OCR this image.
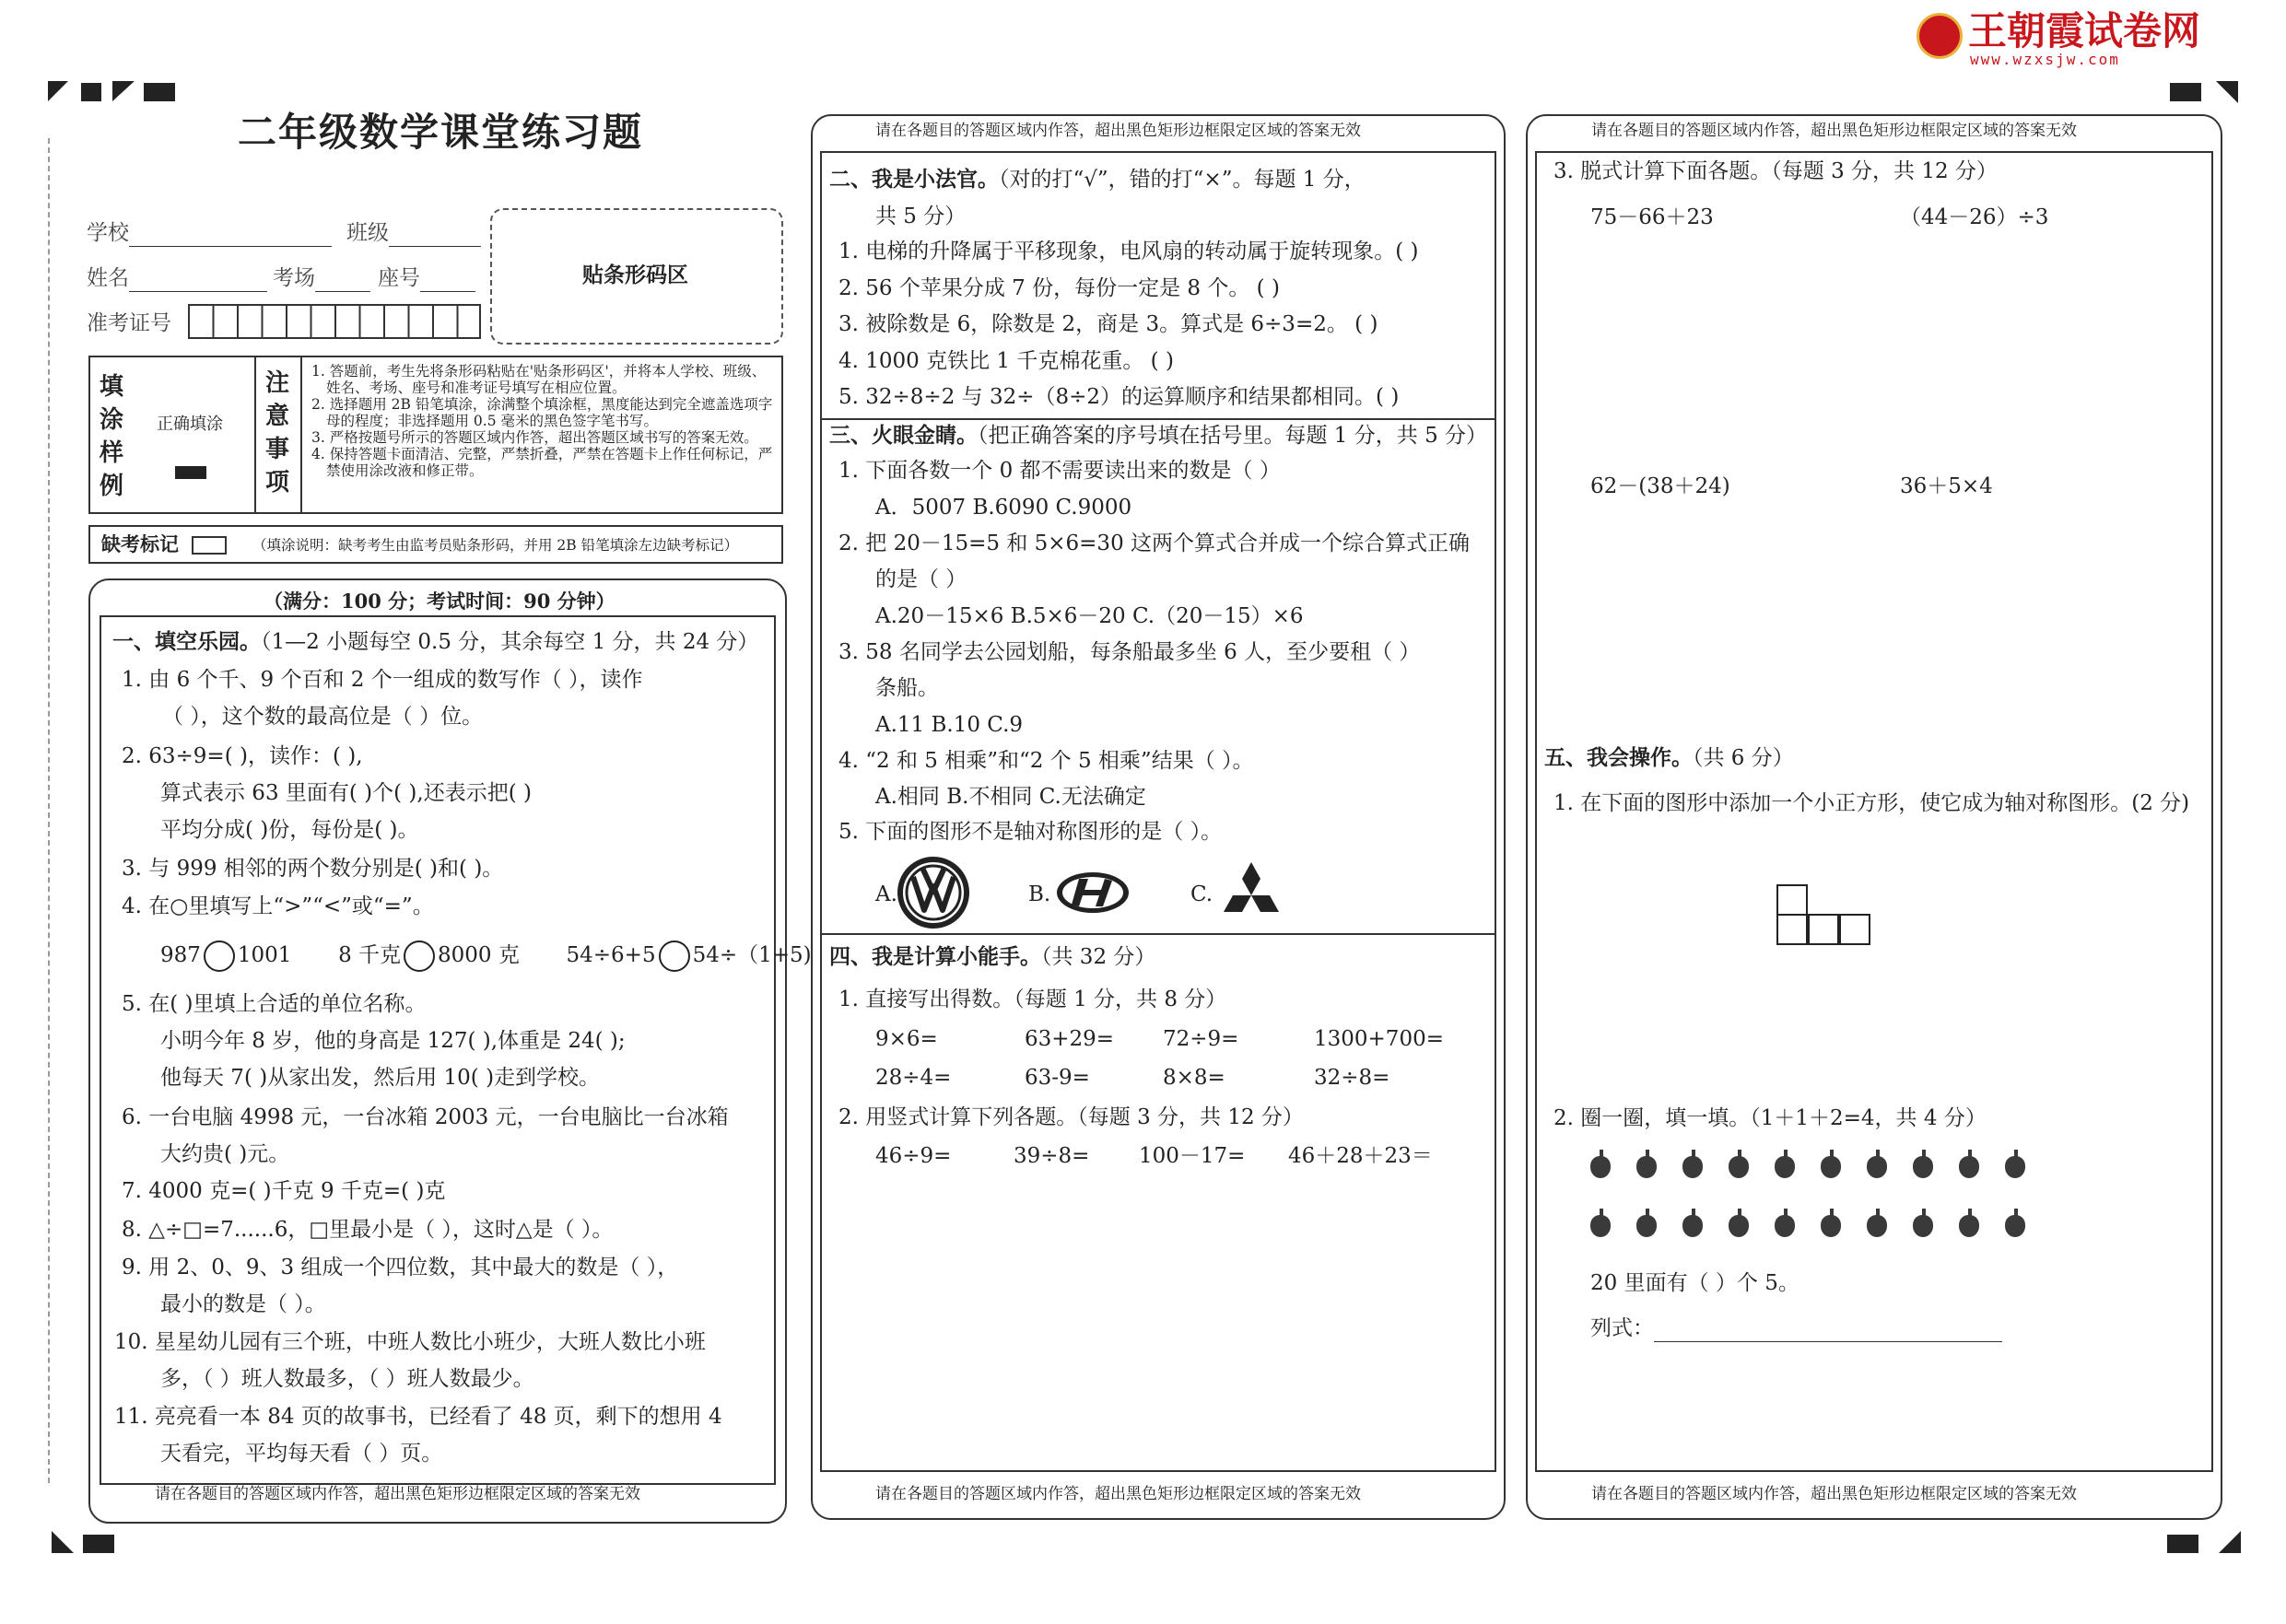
王朝霞试卷网
www.wzxsjw.com
二年级数学课堂练习题
学校	班级
姓名	考场	座号
准考证号
贴条形码区
填涂样例
正确填涂
注意事项
1. 答题前，考生先将条形码粘贴在'贴条形码区'，并将本人学校、班级、姓名、考场、座号和准考证号填写在相应位置。
2. 选择题用 2B 铅笔填涂，涂满整个填涂框，黑度能达到完全遮盖选项字母的程度；非选择题用 0.5 毫米的黑色签字笔书写。
3. 严格按题号所示的答题区域内作答，超出答题区域书写的答案无效。
4. 保持答题卡面清洁、完整，严禁折叠，严禁在答题卡上作任何标记，严禁使用涂改液和修正带。
缺考标记	（填涂说明：缺考考生由监考员贴条形码，并用 2B 铅笔填涂左边缺考标记）
（满分：100 分；考试时间：90 分钟）
一、填空乐园。（1—2 小题每空 0.5 分，其余每空 1 分，共 24 分）
1. 由 6 个千、9 个百和 2 个一组成的数写作（ ），读作
（ ），这个数的最高位是（ ）位。
2. 63÷9=( )，读作：( ),
算式表示 63 里面有( )个( ),还表示把( )
平均分成( )份，每份是( )。
3. 与 999 相邻的两个数分别是( )和( )。
4. 在○里填写上“>”“<”或“=”。
987 1001 8 千克 8000 克 54÷6+5 54÷（1+5)
5. 在( )里填上合适的单位名称。
小明今年 8 岁，他的身高是 127( ),体重是 24( );
他每天 7( )从家出发，然后用 10( )走到学校。
6. 一台电脑 4998 元，一台冰箱 2003 元，一台电脑比一台冰箱
大约贵( )元。
7. 4000 克=( )千克 9 千克=( )克
8. △÷□=7......6，□里最小是（ ），这时△是（ ）。
9. 用 2、0、9、3 组成一个四位数，其中最大的数是（ ），
最小的数是（ ）。
10. 星星幼儿园有三个班，中班人数比小班少，大班人数比小班
多，（ ）班人数最多，（ ）班人数最少。
11. 亮亮看一本 84 页的故事书，已经看了 48 页，剩下的想用 4
天看完，平均每天看（ ）页。
请在各题目的答题区域内作答，超出黑色矩形边框限定区域的答案无效
请在各题目的答题区域内作答，超出黑色矩形边框限定区域的答案无效
二、我是小法官。（对的打“√”，错的打“×”。每题 1 分，
共 5 分）
1. 电梯的升降属于平移现象，电风扇的转动属于旋转现象。( )
2. 56 个苹果分成 7 份，每份一定是 8 个。 ( )
3. 被除数是 6，除数是 2，商是 3。算式是 6÷3=2。 ( )
4. 1000 克铁比 1 千克棉花重。 ( )
5. 32÷8÷2 与 32÷（8÷2）的运算顺序和结果都相同。( )
三、火眼金睛。（把正确答案的序号填在括号里。每题 1 分，共 5 分）
1. 下面各数一个 0 都不需要读出来的数是（ ）
A．5007 B.6090 C.9000
2. 把 20－15=5 和 5×6=30 这两个算式合并成一个综合算式正确
的是（ ）
A.20－15×6 B.5×6－20 C.（20－15）×6
3. 58 名同学去公园划船，每条船最多坐 6 人，至少要租（ ）
条船。
A.11 B.10 C.9
4. “2 和 5 相乘”和“2 个 5 相乘”结果（ ）。
A.相同 B.不相同 C.无法确定
5. 下面的图形不是轴对称图形的是（ ）。
A.	B.	C.
四、我是计算小能手。（共 32 分）
1. 直接写出得数。（每题 1 分，共 8 分）
9×6=	63+29= 72÷9=	1300+700=
28÷4=	63-9=	8×8=	32÷8=
2. 用竖式计算下列各题。（每题 3 分，共 12 分）
46÷9=	39÷8= 100－17= 46＋28＋23＝
请在各题目的答题区域内作答，超出黑色矩形边框限定区域的答案无效
请在各题目的答题区域内作答，超出黑色矩形边框限定区域的答案无效
3. 脱式计算下面各题。（每题 3 分，共 12 分）
75－66＋23	（44－26）÷3
62－(38＋24)	36＋5×4
五、我会操作。（共 6 分）
1. 在下面的图形中添加一个小正方形，使它成为轴对称图形。(2 分)
2. 圈一圈，填一填。（1＋1＋2=4，共 4 分）
20 里面有（ ）个 5。
列式：
请在各题目的答题区域内作答，超出黑色矩形边框限定区域的答案无效
